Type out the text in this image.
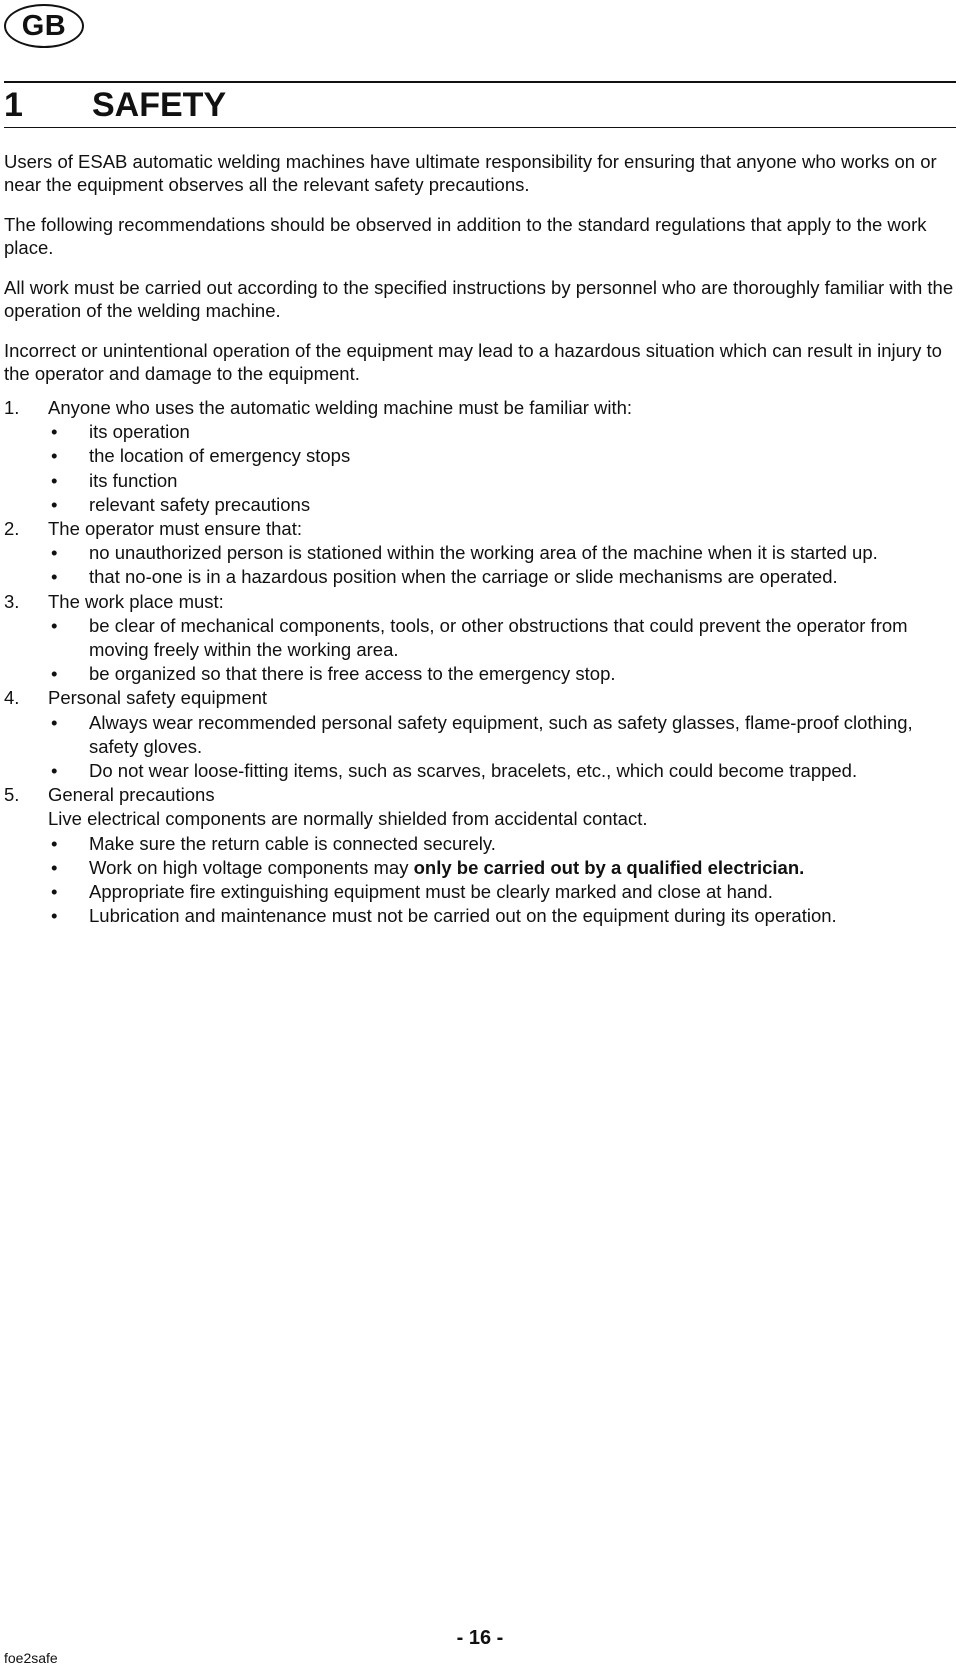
GB
1 SAFETY

Users of ESAB automatic welding machines have ultimate responsibility for ensuring that anyone who works on or near the equipment observes all the relevant safety precautions.

The following recommendations should be observed in addition to the standard regulations that apply to the work place.

All work must be carried out according to the specified instructions by personnel who are thoroughly familiar with the operation of the welding machine.

Incorrect or unintentional operation of the equipment may lead to a hazardous situation which can result in injury to the operator and damage to the equipment.

1.	Anyone who uses the automatic welding machine must be familiar with:
•	its operation
•	the location of emergency stops
•	its function
•	relevant safety precautions
2.	The operator must ensure that:
•	no unauthorized person is stationed within the working area of the machine when it is started up.
•	that no-one is in a hazardous position when the carriage or slide mechanisms are operated.
3.	The work place must:
•	be clear of mechanical components, tools, or other obstructions that could prevent the operator from moving freely within the working area.
•	be organized so that there is free access to the emergency stop.
4.	Personal safety equipment
•	Always wear recommended personal safety equipment, such as safety glasses, flame-proof clothing, safety gloves.
•	Do not wear loose-fitting items, such as scarves, bracelets, etc., which could become trapped.
5.	General precautions
Live electrical components are normally shielded from accidental contact.
•	Make sure the return cable is connected securely.
•	Work on high voltage components may only be carried out by a qualified electrician.
•	Appropriate fire extinguishing equipment must be clearly marked and close at hand.
•	Lubrication and maintenance must not be carried out on the equipment during its operation.
- 16 -
foe2safe
